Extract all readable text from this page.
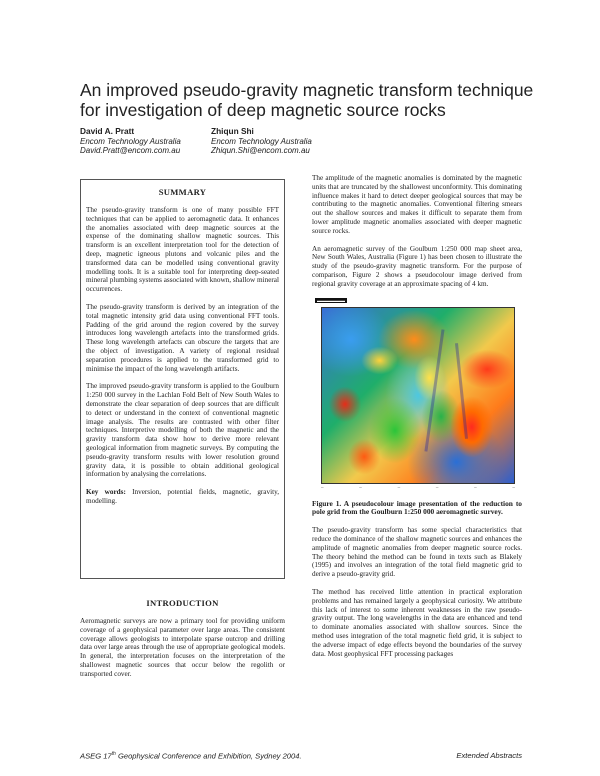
An improved pseudo-gravity magnetic transform technique for investigation of deep magnetic source rocks
David A. Pratt
Encom Technology Australia
David.Pratt@encom.com.au
Zhiqun Shi
Encom Technology Australia
Zhiqun.Shi@encom.com.au
SUMMARY

The pseudo-gravity transform is one of many possible FFT techniques that can be applied to aeromagnetic data. It enhances the anomalies associated with deep magnetic sources at the expense of the dominating shallow magnetic sources. This transform is an excellent interpretation tool for the detection of deep, magnetic igneous plutons and volcanic piles and the transformed data can be modelled using conventional gravity modelling tools. It is a suitable tool for interpreting deep-seated mineral plumbing systems associated with known, shallow mineral occurrences.

The pseudo-gravity transform is derived by an integration of the total magnetic intensity grid data using conventional FFT tools. Padding of the grid around the region covered by the survey introduces long wavelength artefacts into the transformed grids. These long wavelength artefacts can obscure the targets that are the object of investigation. A variety of regional residual separation procedures is applied to the transformed grid to minimise the impact of the long wavelength artifacts.

The improved pseudo-gravity transform is applied to the Goulburn 1:250 000 survey in the Lachlan Fold Belt of New South Wales to demonstrate the clear separation of deep sources that are difficult to detect or understand in the context of conventional magnetic image analysis. The results are contrasted with other filter techniques. Interpretive modelling of both the magnetic and the gravity transform data show how to derive more relevant geological information from magnetic surveys. By computing the pseudo-gravity transform results with lower resolution ground gravity data, it is possible to obtain additional geological information by analysing the correlations.

Key words: Inversion, potential fields, magnetic, gravity, modelling.

INTRODUCTION

Aeromagnetic surveys are now a primary tool for providing uniform coverage of a geophysical parameter over large areas. The consistent coverage allows geologists to interpolate sparse outcrop and drilling data over large areas through the use of appropriate geological models. In general, the interpretation focuses on the interpretation of the shallowest magnetic sources that occur below the regolith or transported cover.

The amplitude of the magnetic anomalies is dominated by the magnetic units that are truncated by the shallowest unconformity. This dominating influence makes it hard to detect deeper geological sources that may be contributing to the magnetic anomalies. Conventional filtering smears out the shallow sources and makes it difficult to separate them from lower amplitude magnetic anomalies associated with deeper magnetic source rocks.

An aeromagnetic survey of the Goulburn 1:250 000 map sheet area, New South Wales, Australia (Figure 1) has been chosen to illustrate the study of the pseudo-gravity magnetic transform. For the purpose of comparison, Figure 2 shows a pseudocolour image derived from regional gravity coverage at an approximate spacing of 4 km.

▬▬▬▬▬▬▬
─	─	─	─	─	─

Figure 1. A pseudocolour image presentation of the reduction to pole grid from the Goulburn 1:250 000 aeromagnetic survey.

The pseudo-gravity transform has some special characteristics that reduce the dominance of the shallow magnetic sources and enhances the amplitude of magnetic anomalies from deeper magnetic source rocks. The theory behind the method can be found in texts such as Blakely (1995) and involves an integration of the total field magnetic grid to derive a pseudo-gravity grid.

The method has received little attention in practical exploration problems and has remained largely a geophysical curiosity. We attribute this lack of interest to some inherent weaknesses in the raw pseudo-gravity output. The long wavelengths in the data are enhanced and tend to dominate anomalies associated with shallow sources. Since the method uses integration of the total magnetic field grid, it is subject to the adverse impact of edge effects beyond the boundaries of the survey data. Most geophysical FFT processing packages

ASEG 17th Geophysical Conference and Exhibition, Sydney 2004.	Extended Abstracts
